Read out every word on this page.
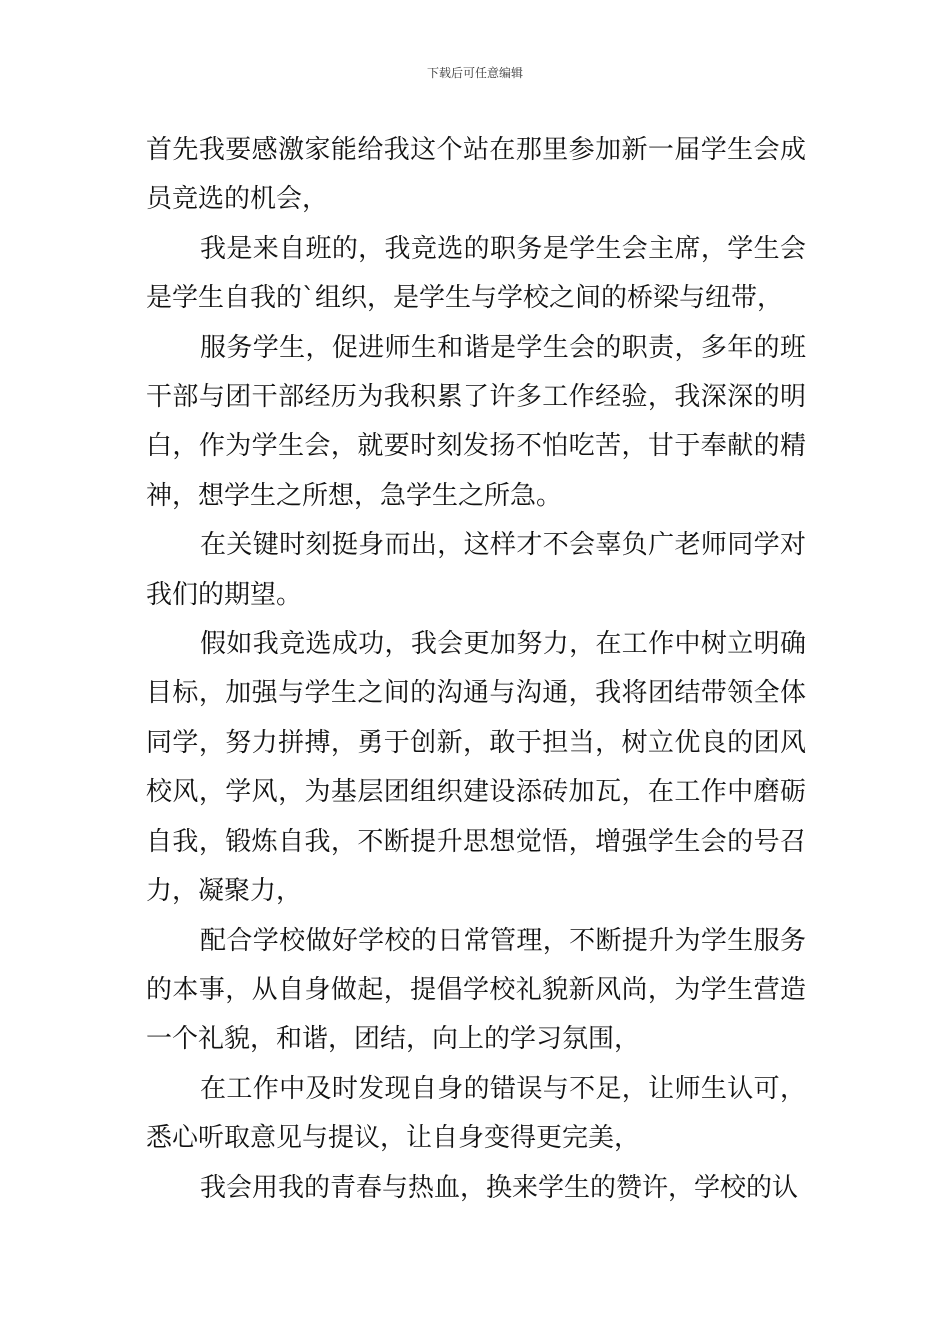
下载后可任意编辑

首先我要感激家能给我这个站在那里参加新一届学生会成员竞选的机会，

我是来自班的，我竞选的职务是学生会主席，学生会是学生自我的`组织，是学生与学校之间的桥梁与纽带，

服务学生，促进师生和谐是学生会的职责，多年的班干部与团干部经历为我积累了许多工作经验，我深深的明白，作为学生会，就要时刻发扬不怕吃苦，甘于奉献的精神，想学生之所想，急学生之所急。

在关键时刻挺身而出，这样才不会辜负广老师同学对我们的期望。

假如我竞选成功，我会更加努力，在工作中树立明确目标，加强与学生之间的沟通与沟通，我将团结带领全体同学，努力拼搏，勇于创新，敢于担当，树立优良的团风校风，学风，为基层团组织建设添砖加瓦，在工作中磨砺自我，锻炼自我，不断提升思想觉悟，增强学生会的号召力，凝聚力，

配合学校做好学校的日常管理，不断提升为学生服务的本事，从自身做起，提倡学校礼貌新风尚，为学生营造一个礼貌，和谐，团结，向上的学习氛围，

在工作中及时发现自身的错误与不足，让师生认可，悉心听取意见与提议，让自身变得更完美，

我会用我的青春与热血，换来学生的赞许，学校的认
